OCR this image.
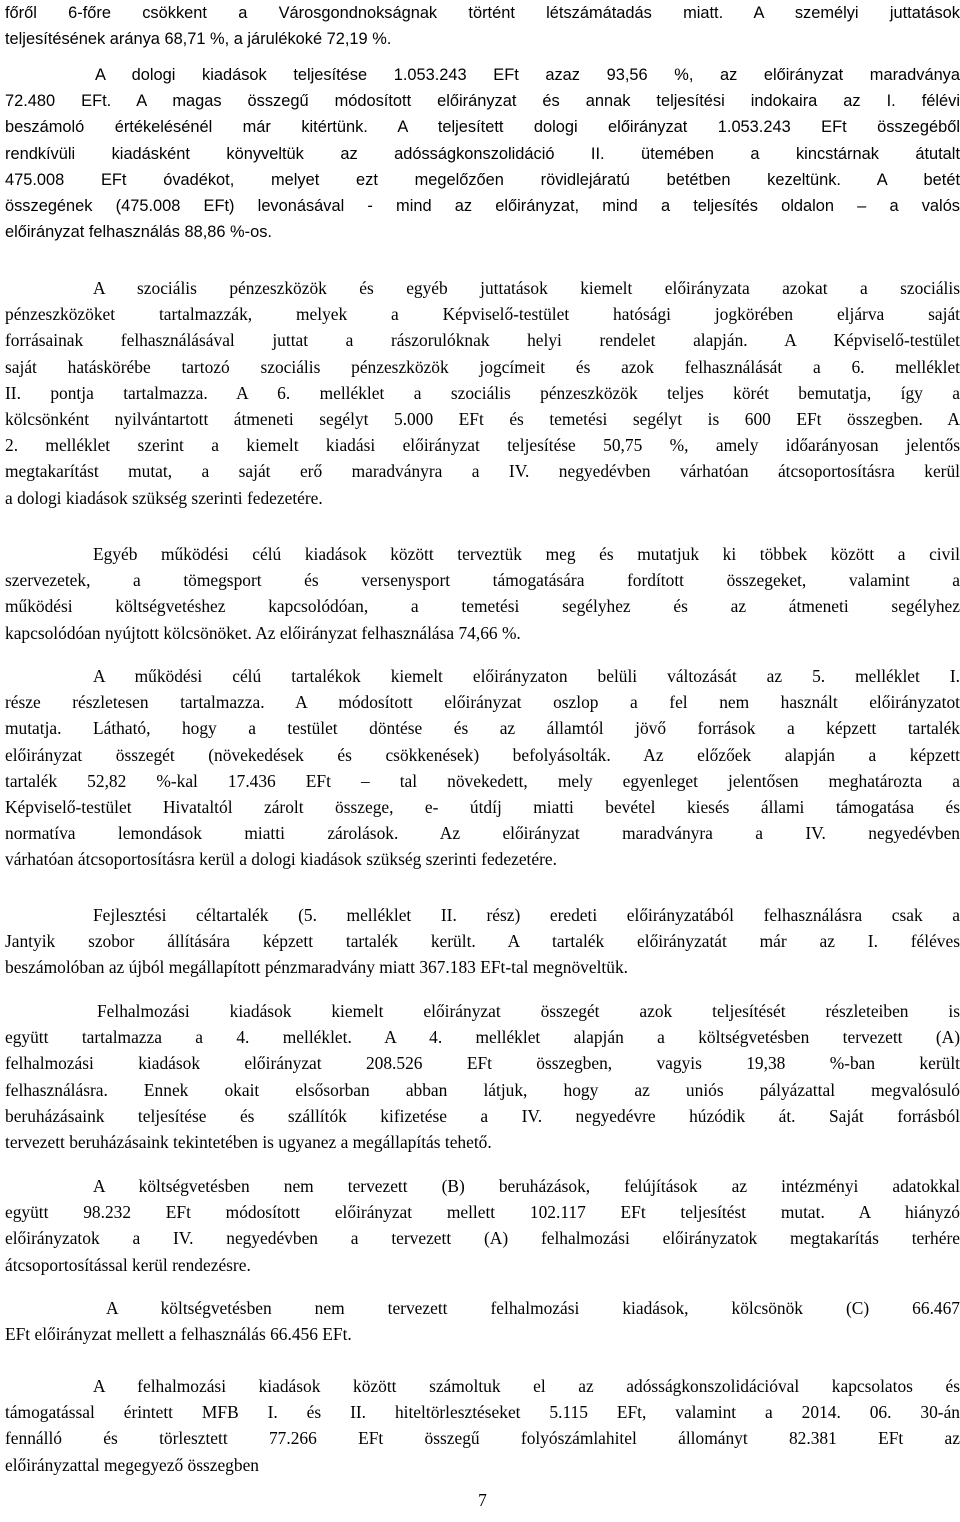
főről 6-főre csökkent a Városgondnokságnak történt létszámátadás miatt. A személyi juttatások
teljesítésének aránya 68,71 %, a járulékoké 72,19 %.
A dologi kiadások teljesítése 1.053.243 EFt azaz 93,56 %, az előirányzat maradványa
72.480 EFt. A magas összegű módosított előirányzat és annak teljesítési indokaira az I. félévi
beszámoló értékelésénél már kitértünk. A teljesített dologi előirányzat 1.053.243 EFt összegéből
rendkívüli kiadásként könyveltük az adósságkonszolidáció II. ütemében a kincstárnak átutalt
475.008 EFt óvadékot, melyet ezt megelőzően rövidlejáratú betétben kezeltünk. A betét
összegének (475.008 EFt) levonásával - mind az előirányzat, mind a teljesítés oldalon – a valós
előirányzat felhasználás 88,86 %-os.
A szociális pénzeszközök és egyéb juttatások kiemelt előirányzata azokat a szociális
pénzeszközöket tartalmazzák, melyek a Képviselő-testület hatósági jogkörében eljárva saját
forrásainak felhasználásával juttat a rászorulóknak helyi rendelet alapján. A Képviselő-testület
saját hatáskörébe tartozó szociális pénzeszközök jogcímeit és azok felhasználását a 6. melléklet
II. pontja tartalmazza. A 6. melléklet a szociális pénzeszközök teljes körét bemutatja, így a
kölcsönként nyilvántartott átmeneti segélyt 5.000 EFt és temetési segélyt is 600 EFt összegben. A
2. melléklet szerint a kiemelt kiadási előirányzat teljesítése 50,75 %, amely időarányosan jelentős
megtakarítást mutat, a saját erő maradványra a IV. negyedévben várhatóan átcsoportosításra kerül
a dologi kiadások szükség szerinti fedezetére.
Egyéb működési célú kiadások között terveztük meg és mutatjuk ki többek között a civil
szervezetek, a tömegsport és versenysport támogatására fordított összegeket, valamint a
működési költségvetéshez kapcsolódóan, a temetési segélyhez és az átmeneti segélyhez
kapcsolódóan nyújtott kölcsönöket. Az előirányzat felhasználása 74,66 %.
A működési célú tartalékok kiemelt előirányzaton belüli változását az 5. melléklet I.
része részletesen tartalmazza. A módosított előirányzat oszlop a fel nem használt előirányzatot
mutatja. Látható, hogy a testület döntése és az államtól jövő források a képzett tartalék
előirányzat összegét (növekedések és csökkenések) befolyásolták. Az előzőek alapján a képzett
tartalék 52,82 %-kal 17.436 EFt – tal növekedett, mely egyenleget jelentősen meghatározta a
Képviselő-testület Hivataltól zárolt összege, e- útdíj miatti bevétel kiesés állami támogatása és
normatíva lemondások miatti zárolások. Az előirányzat maradványra a IV. negyedévben
várhatóan átcsoportosításra kerül a dologi kiadások szükség szerinti fedezetére.
Fejlesztési céltartalék (5. melléklet II. rész) eredeti előirányzatából felhasználásra csak a
Jantyik szobor állítására képzett tartalék került. A tartalék előirányzatát már az I. féléves
beszámolóban az újból megállapított pénzmaradvány miatt 367.183 EFt-tal megnöveltük.
Felhalmozási kiadások kiemelt előirányzat összegét azok teljesítését részleteiben is
együtt tartalmazza a 4. melléklet. A 4. melléklet alapján a költségvetésben tervezett (A)
felhalmozási kiadások előirányzat 208.526 EFt összegben, vagyis 19,38 %-ban került
felhasználásra. Ennek okait elsősorban abban látjuk, hogy az uniós pályázattal megvalósuló
beruházásaink teljesítése és szállítók kifizetése a IV. negyedévre húzódik át. Saját forrásból
tervezett beruházásaink tekintetében is ugyanez a megállapítás tehető.
A költségvetésben nem tervezett (B) beruházások, felújítások az intézményi adatokkal
együtt 98.232 EFt módosított előirányzat mellett 102.117 EFt teljesítést mutat. A hiányzó
előirányzatok a IV. negyedévben a tervezett (A) felhalmozási előirányzatok megtakarítás terhére
átcsoportosítással kerül rendezésre.
A költségvetésben nem tervezett felhalmozási kiadások, kölcsönök (C) 66.467
EFt előirányzat mellett a felhasználás 66.456 EFt.
A felhalmozási kiadások között számoltuk el az adósságkonszolidációval kapcsolatos és
támogatással érintett MFB I. és II. hiteltörlesztéseket 5.115 EFt, valamint a 2014. 06. 30-án
fennálló és törlesztett 77.266 EFt összegű folyószámlahitel állományt 82.381 EFt az
előirányzattal megegyező összegben
7
